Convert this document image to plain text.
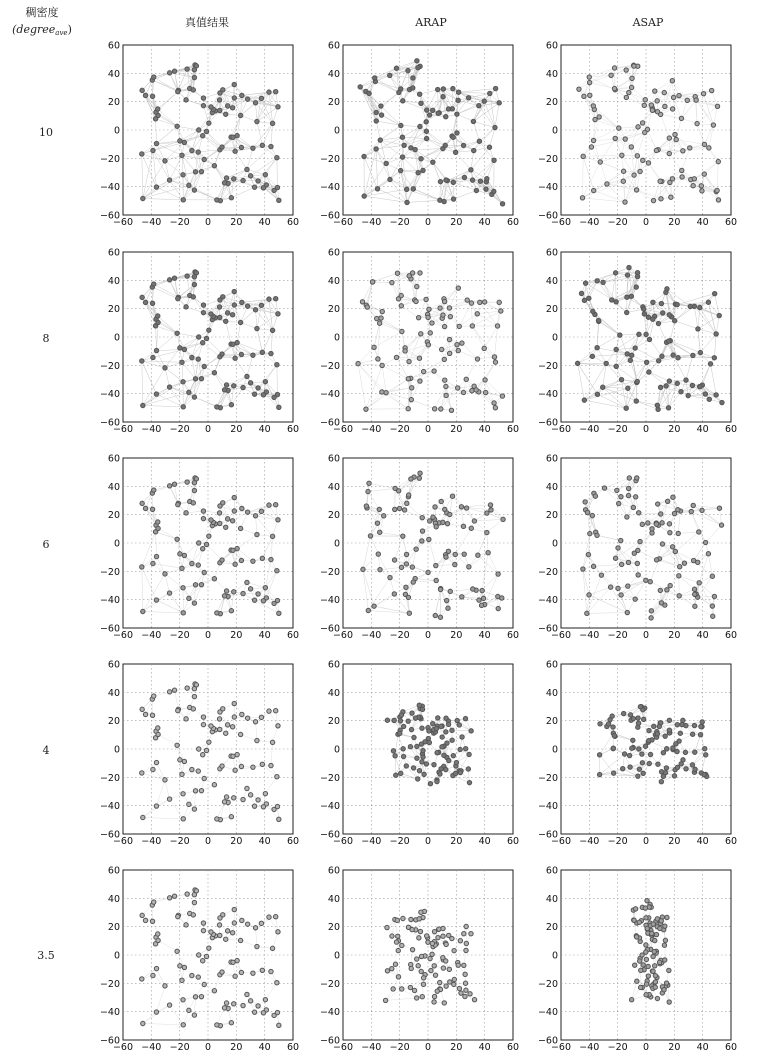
稠密度
(degreeave)
真值结果	ARAP	ASAP
10
8
6
4
3.5
−60 −40 −20 0 20 40 60
60
40
20
0
−20
−40
−60
−60 −40 −20 0 20 40 60
60
40
20
0
−20
−40
−60
−60 −40 −20 0 20 40 60
60
40
20
0
−20
−40
−60
−60 −40 −20 0 20 40 60
60
40
20
0
−20
−40
−60
−60 −40 −20 0 20 40 60
60
40
20
0
−20
−40
−60
−60 −40 −20 0 20 40 60
60
40
20
0
−20
−40
−60
−60 −40 −20 0 20 40 60
60
40
20
0
−20
−40
−60
−60 −40 −20 0 20 40 60
60
40
20
0
−20
−40
−60
−60 −40 −20 0 20 40 60
60
40
20
0
−20
−40
−60
−60 −40 −20 0 20 40 60
60
40
20
0
−20
−40
−60
−60 −40 −20 0 20 40 60
60
40
20
0
−20
−40
−60
−60 −40 −20 0 20 40 60
60
40
20
0
−20
−40
−60
−60 −40 −20 0 20 40 60
60
40
20
0
−20
−40
−60
−60 −40 −20 0 20 40 60
60
40
20
0
−20
−40
−60
−60 −40 −20 0 20 40 60
60
40
20
0
−20
−40
−60
